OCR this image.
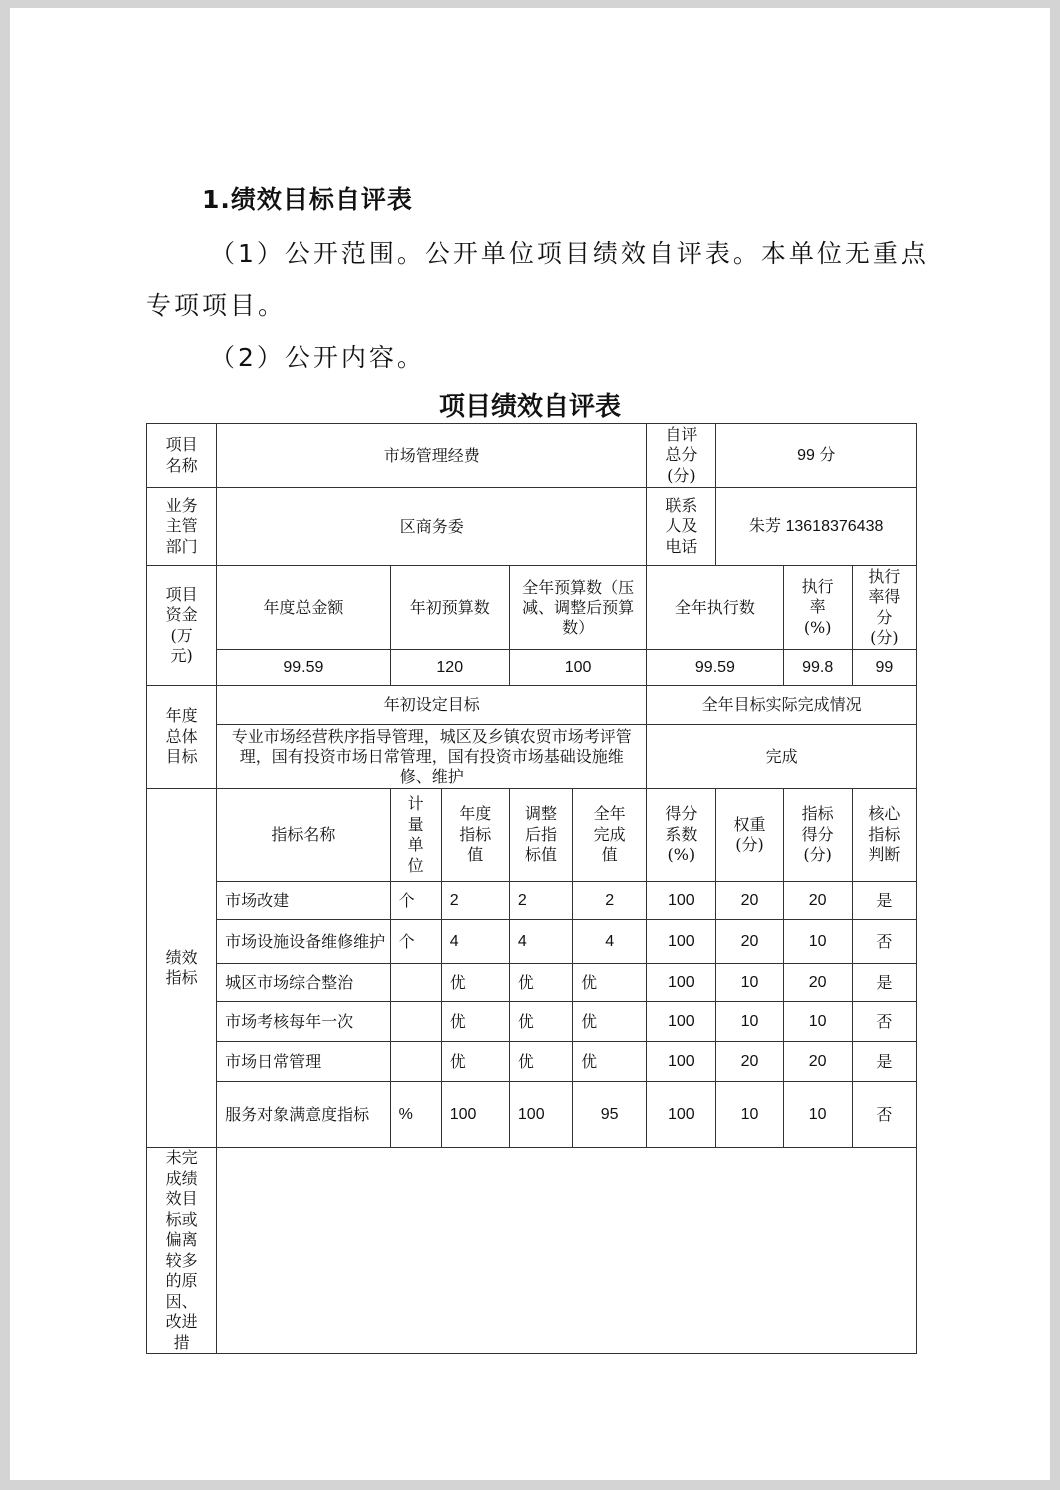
1.绩效目标自评表
（1）公开范围。公开单位项目绩效自评表。本单位无重点
专项项目。
（2）公开内容。
项目绩效自评表
项目名称	市场管理经费					自评总分(分)	99 分		
业务主管部门	区商务委					联系人及电话	朱芳 13618376438		
项目资金(万元)	年度总金额	年初预算数		全年预算数（压减、调整后预算数）		全年执行数		执行率(%)	执行率得分(分)
	99.59	120		100		99.59		99.8	99
年度总体目标	年初设定目标					全年目标实际完成情况			
	专业市场经营秩序指导管理，城区及乡镇农贸市场考评管理，国有投资市场日常管理，国有投资市场基础设施维修、维护					完成			
绩效指标	指标名称	计量单位	年度指标值	调整后指标值	全年完成值	得分系数(%)	权重(分)	指标得分(分)	核心指标判断
	市场改建	个	2	2	2	100	20	20	是
	市场设施设备维修维护	个	4	4	4	100	20	10	否
	城区市场综合整治		优	优	优	100	10	20	是
	市场考核每年一次		优	优	优	100	10	10	否
	市场日常管理		优	优	优	100	20	20	是
	服务对象满意度指标	%	100	100	95	100	10	10	否
未完成绩效目标或偏离较多的原因、改进措									
